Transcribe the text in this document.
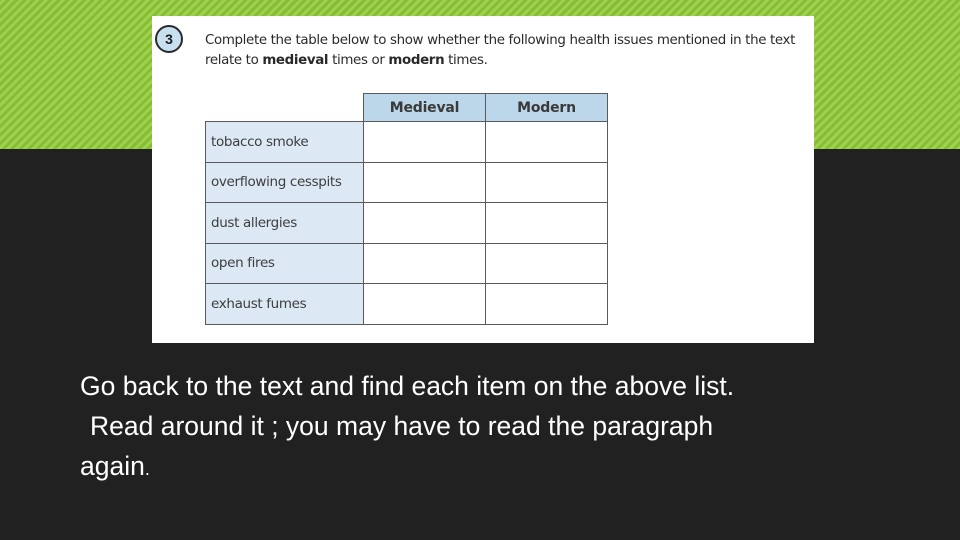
3	Complete the table below to show whether the following health issues mentioned in the text relate to medieval times or modern times.
	Medieval	Modern
tobacco smoke		
overflowing cesspits		
dust allergies		
open fires		
exhaust fumes		
Go back to the text and find each item on the above list.
Read around it ; you may have to read the paragraph
again.
